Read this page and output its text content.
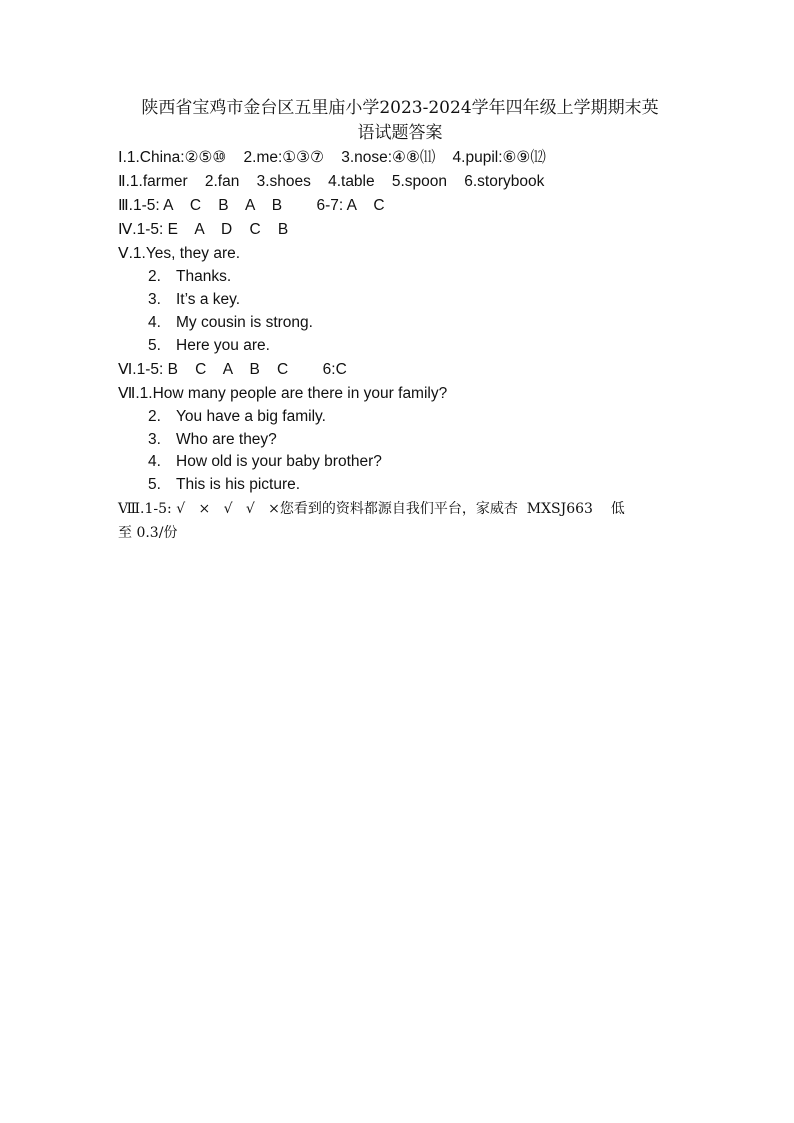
陕西省宝鸡市金台区五里庙小学2023-2024学年四年级上学期期末英
语试题答案
Ⅰ.1.China:②⑤⑩    2.me:①③⑦    3.nose:④⑧⑾    4.pupil:⑥⑨⑿
Ⅱ.1.farmer    2.fan    3.shoes    4.table    5.spoon    6.storybook
Ⅲ.1-5: A    C    B    A    B        6-7: A    C
Ⅳ.1-5: E    A    D    C    B
Ⅴ.1.Yes, they are.
2. Thanks.
3. It’s a key.
4. My cousin is strong.
5. Here you are.
Ⅵ.1-5: B    C    A    B    C        6:C
Ⅶ.1.How many people are there in your family?
2. You have a big family.
3. Who are they?
4. How old is your baby brother?
5. This is his picture.
Ⅷ.1-5: √   ×   √   √   ×您看到的资料都源自我们平台，家威杏  MXSJ663    低
至 0.3/份
